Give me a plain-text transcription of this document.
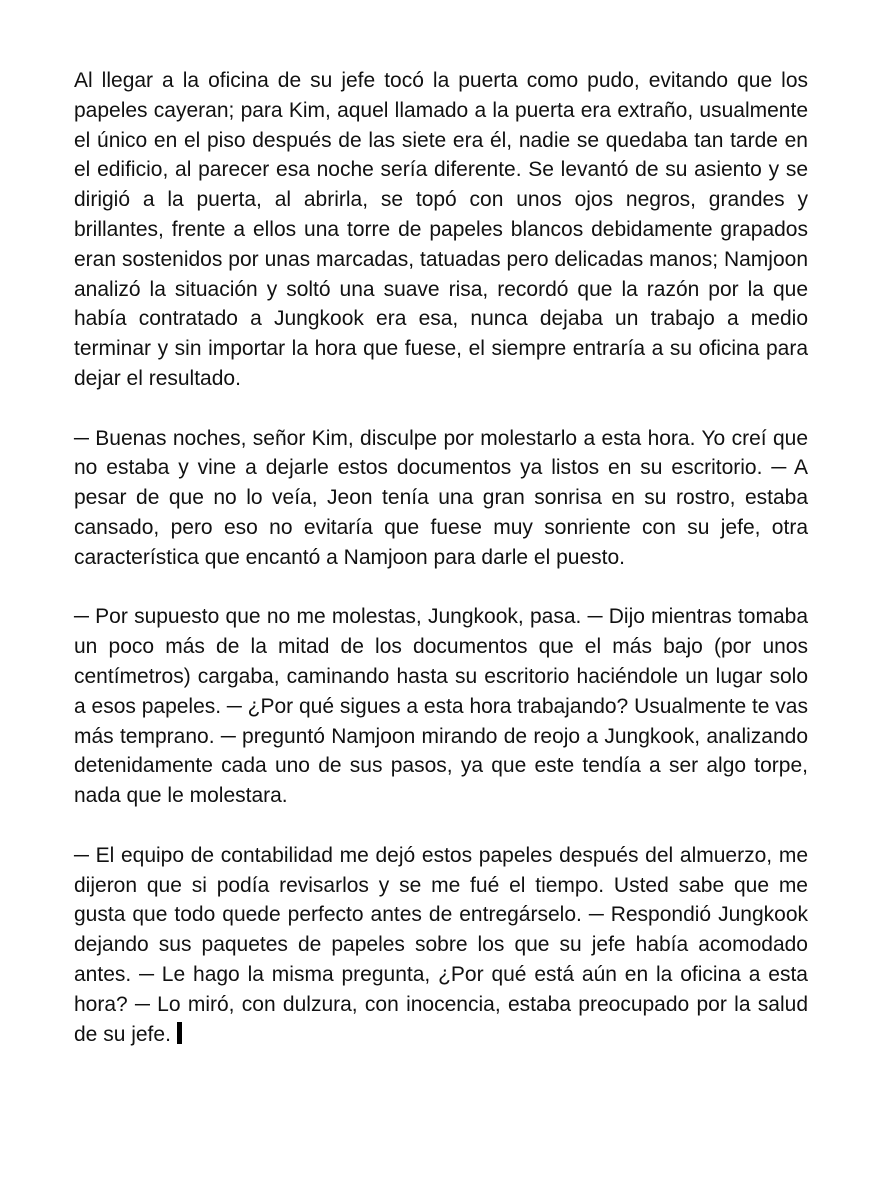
Al llegar a la oficina de su jefe tocó la puerta como pudo, evitando que los papeles cayeran; para Kim, aquel llamado a la puerta era extraño, usualmente el único en el piso después de las siete era él, nadie se quedaba tan tarde en el edificio, al parecer esa noche sería diferente. Se levantó de su asiento y se dirigió a la puerta, al abrirla, se topó con unos ojos negros, grandes y brillantes, frente a ellos una torre de papeles blancos debidamente grapados eran sostenidos por unas marcadas, tatuadas pero delicadas manos; Namjoon analizó la situación y soltó una suave risa, recordó que la razón por la que había contratado a Jungkook era esa, nunca dejaba un trabajo a medio terminar y sin importar la hora que fuese, el siempre entraría a su oficina para dejar el resultado.

─ Buenas noches, señor Kim, disculpe por molestarlo a esta hora. Yo creí que no estaba y vine a dejarle estos documentos ya listos en su escritorio. ─ A pesar de que no lo veía, Jeon tenía una gran sonrisa en su rostro, estaba cansado, pero eso no evitaría que fuese muy sonriente con su jefe, otra característica que encantó a Namjoon para darle el puesto.

─ Por supuesto que no me molestas, Jungkook, pasa. ─ Dijo mientras tomaba un poco más de la mitad de los documentos que el más bajo (por unos centímetros) cargaba, caminando hasta su escritorio haciéndole un lugar solo a esos papeles. ─ ¿Por qué sigues a esta hora trabajando? Usualmente te vas más temprano. ─ preguntó Namjoon mirando de reojo a Jungkook, analizando detenidamente cada uno de sus pasos, ya que este tendía a ser algo torpe, nada que le molestara.

─ El equipo de contabilidad me dejó estos papeles después del almuerzo, me dijeron que si podía revisarlos y se me fué el tiempo. Usted sabe que me gusta que todo quede perfecto antes de entregárselo. ─ Respondió Jungkook dejando sus paquetes de papeles sobre los que su jefe había acomodado antes. ─ Le hago la misma pregunta, ¿Por qué está aún en la oficina a esta hora? ─ Lo miró, con dulzura, con inocencia, estaba preocupado por la salud de su jefe.
